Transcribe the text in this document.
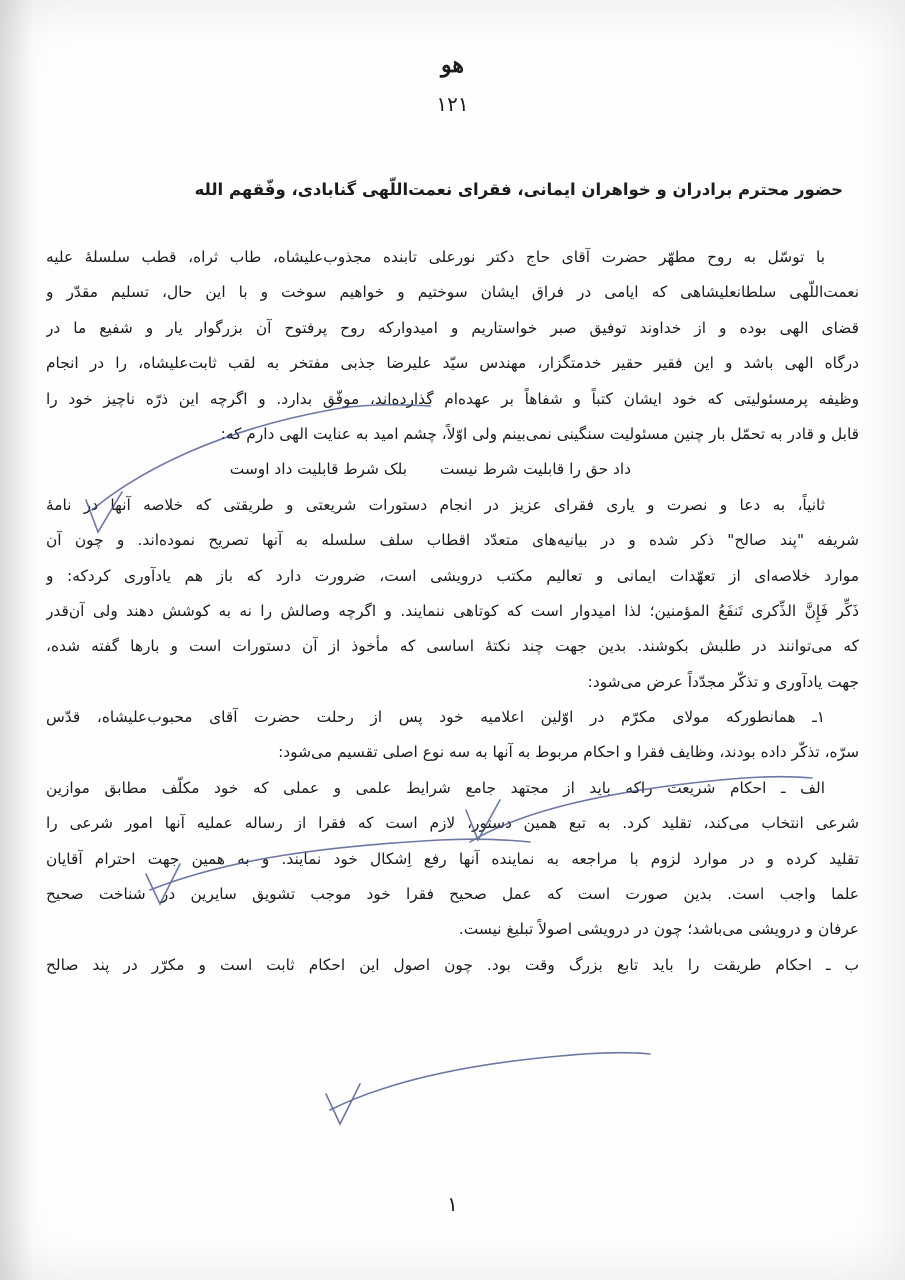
هو
۱۲۱
حضور محترم برادران و خواهران ایمانی، فقرای نعمت‌اللّهی گنابادی، وفّقهم الله
با توسّل به روح مطهّر حضرت آقای حاج دکتر نورعلی تابنده مجذوب‌علیشاه، طاب ثراه، قطب سلسلهٔ علیه
نعمت‌اللّهی سلطانعلیشاهی که ایامی در فراق ایشان سوختیم و خواهیم سوخت و با این حال، تسلیم مقدّر و
قضای الهی بوده و از خداوند توفیق صبر خواستاریم و امیدوارکه روح پرفتوح آن بزرگوار یار و شفیع ما در
درگاه الهی باشد و این فقیر حقیر خدمتگزار، مهندس سیّد علیرضا جذبی مفتخر به لقب ثابت‌علیشاه، را در انجام
وظیفه پرمسئولیتی که خود ایشان کتباً و شفاهاً بر عهده‌ام گذارده‌اند، موفّق بدارد. و اگرچه این ذرّه ناچیز خود را
قابل و قادر به تحمّل بار چنین مسئولیت سنگینی نمی‌بینم ولی اوّلاً، چشم امید به عنایت الهی دارم که:
داد حق را قابلیت شرط نیست
بلک شرط قابلیت داد اوست
ثانیاً، به دعا و نصرت و یاری فقرای عزیز در انجام دستورات شریعتی و طریقتی که خلاصه آنها در نامهٔ
شریفه "پند صالح" ذکر شده و در بیانیه‌های متعدّد اقطاب سلف سلسله به آنها تصریح نموده‌اند. و چون آن
موارد خلاصه‌ای از تعهّدات ایمانی و تعالیم مکتب درویشی است، ضرورت دارد که باز هم یادآوری کردکه: و
ذَکِّر فَإِنَّ الذِّکری تَنفَعُ المؤمنین؛ لذا امیدوار است که کوتاهی ننمایند. و اگرچه وصالش را نه به کوشش دهند ولی آن‌قدر
که می‌توانند در طلبش بکوشند. بدین جهت چند نکتهٔ اساسی که مأخوذ از آن دستورات است و بارها گفته شده،
جهت یادآوری و تذکّر مجدّداً عرض می‌شود:
۱ـ همانطورکه مولای مکرّم در اوّلین اعلامیه خود پس از رحلت حضرت آقای محبوب‌علیشاه، قدّس
سرّه، تذکّر داده بودند، وظایف فقرا و احکام مربوط به آنها به سه نوع اصلی تقسیم می‌شود:
الف ـ احکام شریعت راکه باید از مجتهد جامع شرایط علمی و عملی که خود مکلّف مطابق موازین
شرعی انتخاب می‌کند، تقلید کرد. به تبع همین دستور، لازم است که فقرا از رساله عملیه آنها امور شرعی را
تقلید کرده و در موارد لزوم با مراجعه به نماینده آنها رفع اِشکال خود نمایند. و به همین جهت احترام آقایان
علما واجب است. بدین صورت است که عمل صحیح فقرا خود موجب تشویق سایرین در شناخت صحیح
عرفان و درویشی می‌باشد؛ چون در درویشی اصولاً تبلیغ نیست.
ب ـ احکام طریقت را باید تابع بزرگ وقت بود. چون اصول این احکام ثابت است و مکرّر در پند صالح
۱
